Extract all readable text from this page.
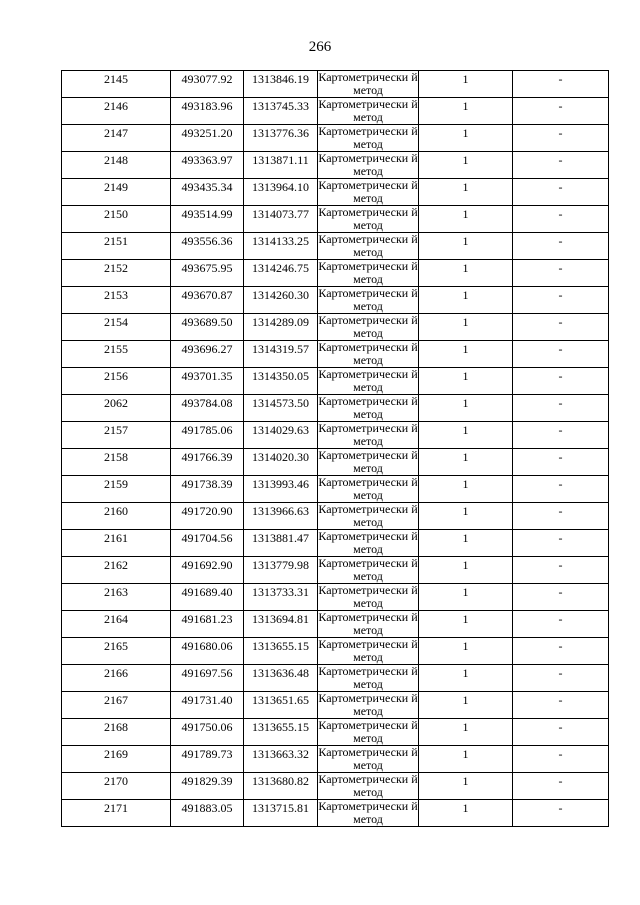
266
2145	493077.92	1313846.19	Картометрически й метод	1	-
2146	493183.96	1313745.33	Картометрически й метод	1	-
2147	493251.20	1313776.36	Картометрически й метод	1	-
2148	493363.97	1313871.11	Картометрически й метод	1	-
2149	493435.34	1313964.10	Картометрически й метод	1	-
2150	493514.99	1314073.77	Картометрически й метод	1	-
2151	493556.36	1314133.25	Картометрически й метод	1	-
2152	493675.95	1314246.75	Картометрически й метод	1	-
2153	493670.87	1314260.30	Картометрически й метод	1	-
2154	493689.50	1314289.09	Картометрически й метод	1	-
2155	493696.27	1314319.57	Картометрически й метод	1	-
2156	493701.35	1314350.05	Картометрически й метод	1	-
2062	493784.08	1314573.50	Картометрически й метод	1	-
2157	491785.06	1314029.63	Картометрически й метод	1	-
2158	491766.39	1314020.30	Картометрически й метод	1	-
2159	491738.39	1313993.46	Картометрически й метод	1	-
2160	491720.90	1313966.63	Картометрически й метод	1	-
2161	491704.56	1313881.47	Картометрически й метод	1	-
2162	491692.90	1313779.98	Картометрически й метод	1	-
2163	491689.40	1313733.31	Картометрически й метод	1	-
2164	491681.23	1313694.81	Картометрически й метод	1	-
2165	491680.06	1313655.15	Картометрически й метод	1	-
2166	491697.56	1313636.48	Картометрически й метод	1	-
2167	491731.40	1313651.65	Картометрически й метод	1	-
2168	491750.06	1313655.15	Картометрически й метод	1	-
2169	491789.73	1313663.32	Картометрически й метод	1	-
2170	491829.39	1313680.82	Картометрически й метод	1	-
2171	491883.05	1313715.81	Картометрически й метод	1	-
